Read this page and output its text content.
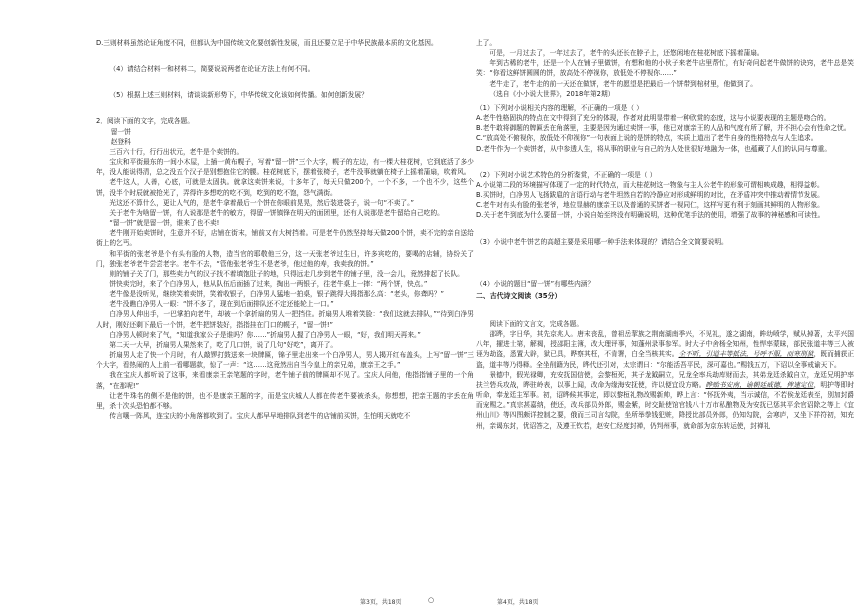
D.三则材料虽然论证角度不同，但都认为中国传统文化要创新性发展，而且还要立足于中华民族最本质的文化基因。

（4）请结合材料一和材料二，简要说说两者在论证方法上有何不同。

（5）根据上述三则材料，请谈谈新形势下，中华传统文化该如何传播。如何创新发展？

2．阅读下面的文字，完成各题。

留一饼

赵登科

三百六十行，行行出状元，老牛是个卖饼的。

宝庆和平街最东的一间小木屋，上插一黄布幌子，写着“留一饼”三个大字，幌子的左边，有一棵大桂花树，它到底活了多少年，没人能说得清，总之没五个汉子是别想抱住它的腰。桂花树底下，摆着张椅子，老牛没事就躺在椅子上摇着蒲扇，吹着风。

老牛这人，人善，心底，可就是太固执。就拿这卖饼来说，十多年了，每天只做200个，一个不多，一个也不少，这些个饼，没半个时辰就被抢光了，弄得许多想吃的吃不到，吃到的吃不饱，怨气满街。

光这还不算什么，更让人气的，是老牛拿着最后一个饼在你眼前晃晃，然后装进袋子，说一句“不卖了。”

关于老牛为啥留一饼，有人说那是老牛的敏方，得留一饼镇锋在明天的面团里，还有人说那是老牛留给自己吃的。

“留一饼”就是留一饼，谁来了也不卖!

老牛刚开始卖饼时，生意并不好，店铺在街末，铺前又有大树挡着。可是老牛仍然坚持每天做200个饼，卖不完的亲自送给街上的乞丐。

和平街的张老爷是个有头有脸的人物，造当官的耶敬他三分，这一天张老爷过生日，许多宾吃的，要喝的店辅，协纷关了门，独张老爷老牛尝尝老字。老牛不去，“管他张老爷生不是老爷，他过他的寿，我卖我的饼。”

则的铺子关了门，那些卖力气的汉子找不着填饱肚子的地，只得远走几步到老牛的铺子里，没一会儿，竟然排起了长队。

饼快卖完时，来了个白净男人，他从队伍后面插了过来，掏出一两银子，往老牛桌上一摔：“两个饼，快点。”

老牛像是没听见，继续笑着卖饼，笑着收银子，白净男人猛地一拍桌，银子跳得大拇指那么高：“老头，你聋吗？”

老牛没瞧白净男人一眼：“饼不多了，现在到后面排队还不定还能轮上一口。”

白净男人伸出手，一巴掌拍向老牛，却被一个拿折扇的男人一把挡住。折扇男人堆着笑脸：“我们这就去排队，”“待到白净男人时，刚好还剩下最后一个饼，老牛把饼装好，指指挂在门口的幌子，“留一饼!”

白净男人顿时来了气，“知道我家公子是谁吗？你……”折扇男人握了白净男人一眼，“好，我们明天再来。”

第二天一大早，折扇男人果然来了，吃了几口饼，说了几句“好吃”，离开了。

折扇男人走了快一个月时，有人敲锣打鼓送来一块牌匾，锦子里走出来一个白净男人，男人揭开红布盖头，上写“留一饼”三个大字，看热闹的人上前一看哪题款，惊了一声：“这……这竟然出自当今皇上的亲兄弟，康亲王之手。”

我在宝庆人都听说了这事，来看康亲王亲笔题的字时，老牛铺子前的牌匾却不见了。宝庆人问他，他指指铺子里的一个角落，“在那呢!”

让老牛珠名的侧不是他的饼，也不是康亲王题的字，而是宝庆城人人都在传老牛要被杀头，你想想，把亲王题的字丢在角里，杀十次头恐怕都不够。

传言嚷一阵风，连宝庆的小角落都吹到了。宝庆人都早早地排队到老牛的店铺前买饼，生怕明天就吃不

上了。

可是，一月过去了，一年过去了，老牛的头还长在脖子上，还悠闲地在桂花树底下摇着蒲扇。

年到古稀的老牛，还是一个人在铺子里做饼，有想和他的小伙子来老牛店里帮忙，有好奇问起老牛做饼的诀窍，老牛总是笑笑：“你看这鲜饼圆圆的饼，放高处不停视你，放低处不停视你……”

老牛走了，老牛走的前一天还在做饼，老牛的愿望是把最后一个饼带到棺材里，他做到了。

（选自《小小说大世界》，2018年第2期）

（1）下列对小说相关内容的理解，不正确的一项是（ ）

A.老牛性格固执的特点在文中得到了充分的体现，作者对此明显带着一种欣赏的态度，这与小说要表现的主题是吻合的。

B.老牛敢将御题的牌匾丢在角落里，主要是因为通过卖饼一事，他已对康亲王的人品和气度有所了解，并不担心会有性命之忧。

C.“放高处不俯视你，放低处不仰视你”一句表面上说的是饼的特点，实质上道出了老牛自身的性格特点与人生追求。

D.老牛作为一个卖饼者，从中参透人生，将从事的职业与自己的为人处世很好地融为一体，也蕴藏了人们的认同与尊重。

（2）下列对小说艺术特色的分析鉴赏，不正确的一项是（ ）

A.小说第二段的环境描写体现了一定的时代特点，而大桂花树这一物象与主人公老牛的形象可谓相映成趣，相得益彰。

B.买饼时，白净男人飞扬跋扈的言语行动与老牛坦然自若的冷静应对形成鲜明的对比，在矛盾冲突中推动着情节发展。

C.老牛对有头有脸的张老爷，地位显赫的康亲王以及普通的买饼者一视同仁，这样写更有利于刻画其鲜明的人物形象。

D.关于老牛到底为什么要留一饼，小说自始至终没有明确说明，这种优笔手法的使用，增强了故事的神秘感和可读性。

（3）小说中老牛饼艺的高超主要是采用哪一种手法来体现的？请结合全文简要说明。

（4）小说的题目“留一饼”有哪些内涵？

二、古代诗文阅读（35分）

阅读下面的文言文，完成各题。

邵晔，字日华，其先京兆人。唐末丧乱，曾祖岳挈族之荆南湖南季兴，不见礼，遂之湖南，眸幼喷学，赋从掉著，太平兴国八年，擢进士第，解褐，授邵阳主簿，改大理评事，知蓬州录事参军。时大子中舍杨全知州，性悍率蒙昧，部民张道丰等三人被诬为劫盗，悉置大辟，狱已具，晔察其枉，不肯署，白全当核其实。全不听，引道丰等抵法，号呼不服，而寒刑狱，既而捕获正盗，道丰等乃得释。全坐削籍为民，晔代还引对，太宗谓曰：“尔能活吾平民，深可嘉也。”赐钱五万，下诏以全事戒谕天下。

景德中，假光禄卿，充安抚国信使，会黎桓死，其子龙鉞嗣立，兄龙全率兵劫库财而去，其弟龙廷杀鉞自立，龙廷兄明护率扶兰砦兵攻战，晔驻岭表，以事上闻，改命为缘海安抚使，许以便宜设方略。晔贻书安南，谕朝廷威德，俾速定位，明护等即时听命，奉龙廷主军事。初，诏晔候其事定，即以黎桓礼物改赐新帅，晔上言：“怀抚外夷，当示诚信，不若俟龙廷表至，别加封爵而宠赐之。”真宗甚嘉纳，使还，改兵部员外郎，赐金紫，时交趾使馆官钱八十万市私酿物及为安抚已惩其平余官诏除之等上《宜州山川》等四图颇详控制之要，俄而三司言勾院，坐所举拳钱犯赃，降授比部员外郎，仍知勾院，会寒庐，又坐下祥符初，知充州，亲谒东封，优诏答之，及遵王钦若，赵安仁经度封禅，仍判州事，就命部为京东转运使，封禅礼

第3页，共18页	○	第4页，共18页
